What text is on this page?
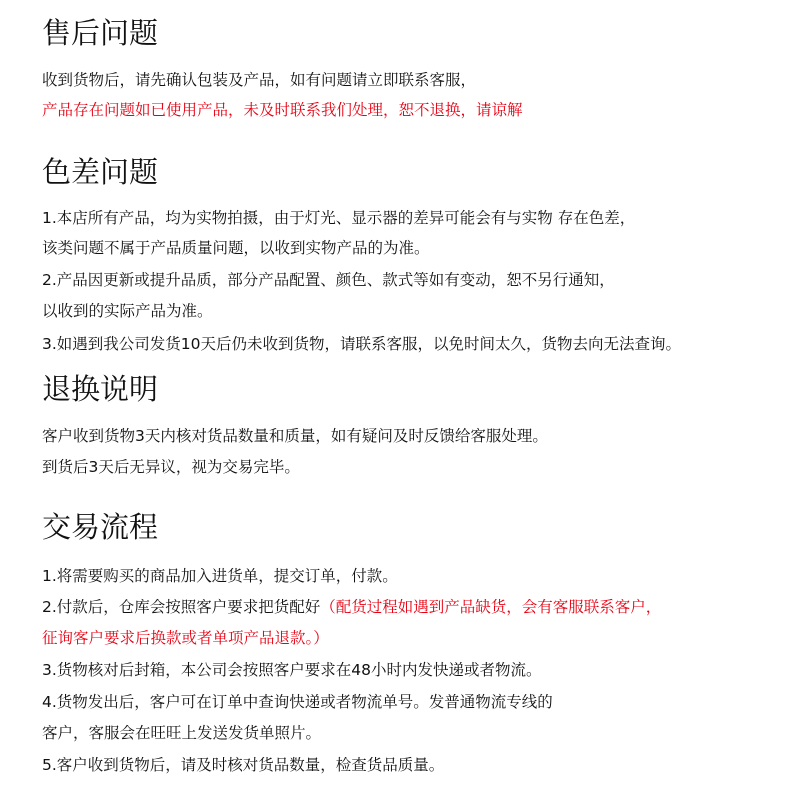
售后问题

收到货物后，请先确认包装及产品，如有问题请立即联系客服，

产品存在问题如已使用产品，未及时联系我们处理，恕不退换，请谅解

色差问题

1.本店所有产品，均为实物拍摄，由于灯光、显示器的差异可能会有与实物 存在色差，

该类问题不属于产品质量问题，以收到实物产品的为准。

2.产品因更新或提升品质，部分产品配置、颜色、款式等如有变动，恕不另行通知，

以收到的实际产品为准。

3.如遇到我公司发货10天后仍未收到货物，请联系客服，以免时间太久，货物去向无法查询。

退换说明

客户收到货物3天内核对货品数量和质量，如有疑问及时反馈给客服处理。

到货后3天后无异议，视为交易完毕。

交易流程

1.将需要购买的商品加入进货单，提交订单，付款。

2.付款后，仓库会按照客户要求把货配好（配货过程如遇到产品缺货，会有客服联系客户，

征询客户要求后换款或者单项产品退款。）

3.货物核对后封箱，本公司会按照客户要求在48小时内发快递或者物流。

4.货物发出后，客户可在订单中查询快递或者物流单号。发普通物流专线的

客户，客服会在旺旺上发送发货单照片。

5.客户收到货物后，请及时核对货品数量，检查货品质量。
